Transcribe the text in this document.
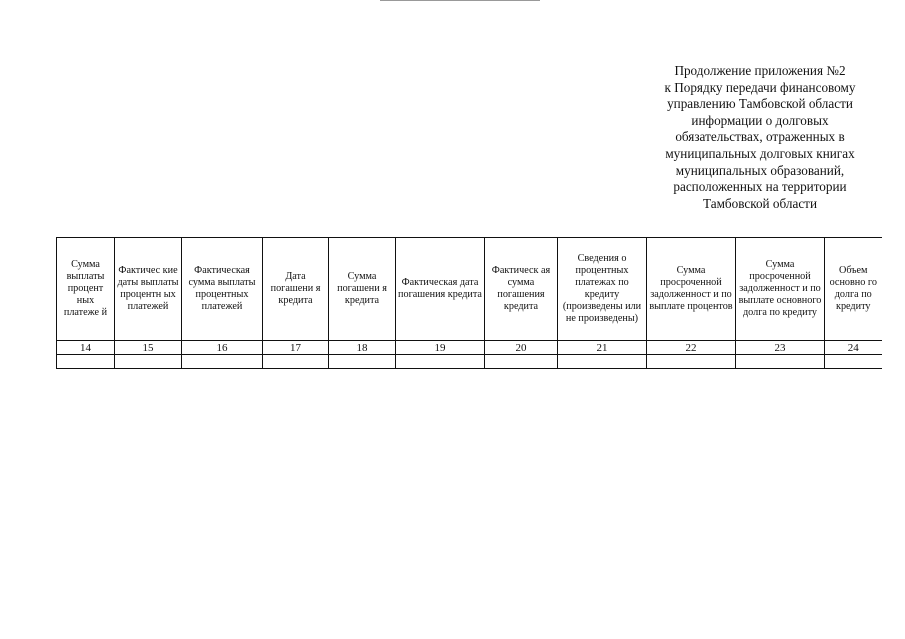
Продолжение приложения №2
к Порядку передачи финансовому
управлению Тамбовской области
информации о долговых
обязательствах, отраженных в
муниципальных долговых книгах
муниципальных образований,
расположенных на территории
Тамбовской области
Сумма выплаты процент ных платеже й	Фактичес кие даты выплаты процентн ых платежей	Фактическая сумма выплаты процентных платежей	Дата погашени я кредита	Сумма погашени я кредита	Фактическая дата погашения кредита	Фактическ ая сумма погашения кредита	Сведения о процентных платежах по кредиту (произведены или не произведены)	Сумма просроченной задолженност и по выплате процентов	Сумма просроченной задолженност и по выплате основного долга по кредиту	Объем основно го долга по кредиту
14	15	16	17	18	19	20	21	22	23	24
